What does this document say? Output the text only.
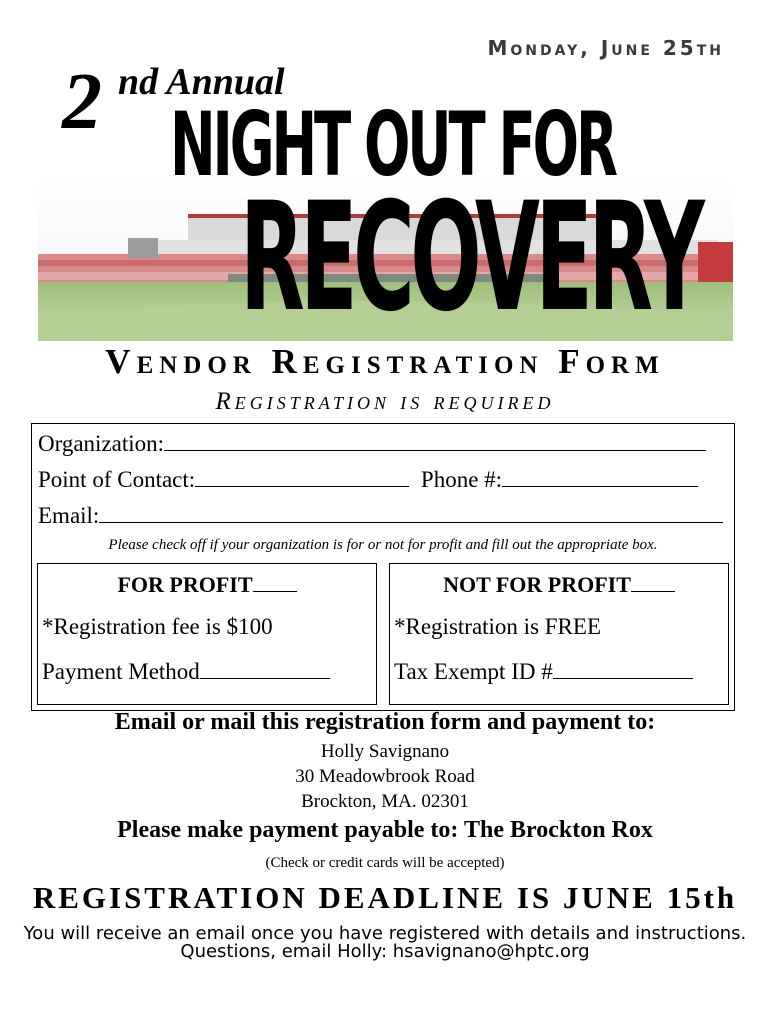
Monday, June 25th
2 nd Annual
NIGHT OUT FOR
RECOVERY
Vendor Registration Form
Registration is required
Organization:
Point of Contact:	Phone #:
Email:
Please check off if your organization is for or not for profit and fill out the appropriate box.
FOR PROFIT
*Registration fee is $100
Payment Method
NOT FOR PROFIT
*Registration is FREE
Tax Exempt ID #
Email or mail this registration form and payment to:
Holly Savignano
30 Meadowbrook Road
Brockton, MA. 02301
Please make payment payable to: The Brockton Rox
(Check or credit cards will be accepted)
REGISTRATION DEADLINE IS JUNE 15th
You will receive an email once you have registered with details and instructions.
Questions, email Holly: hsavignano@hptc.org
